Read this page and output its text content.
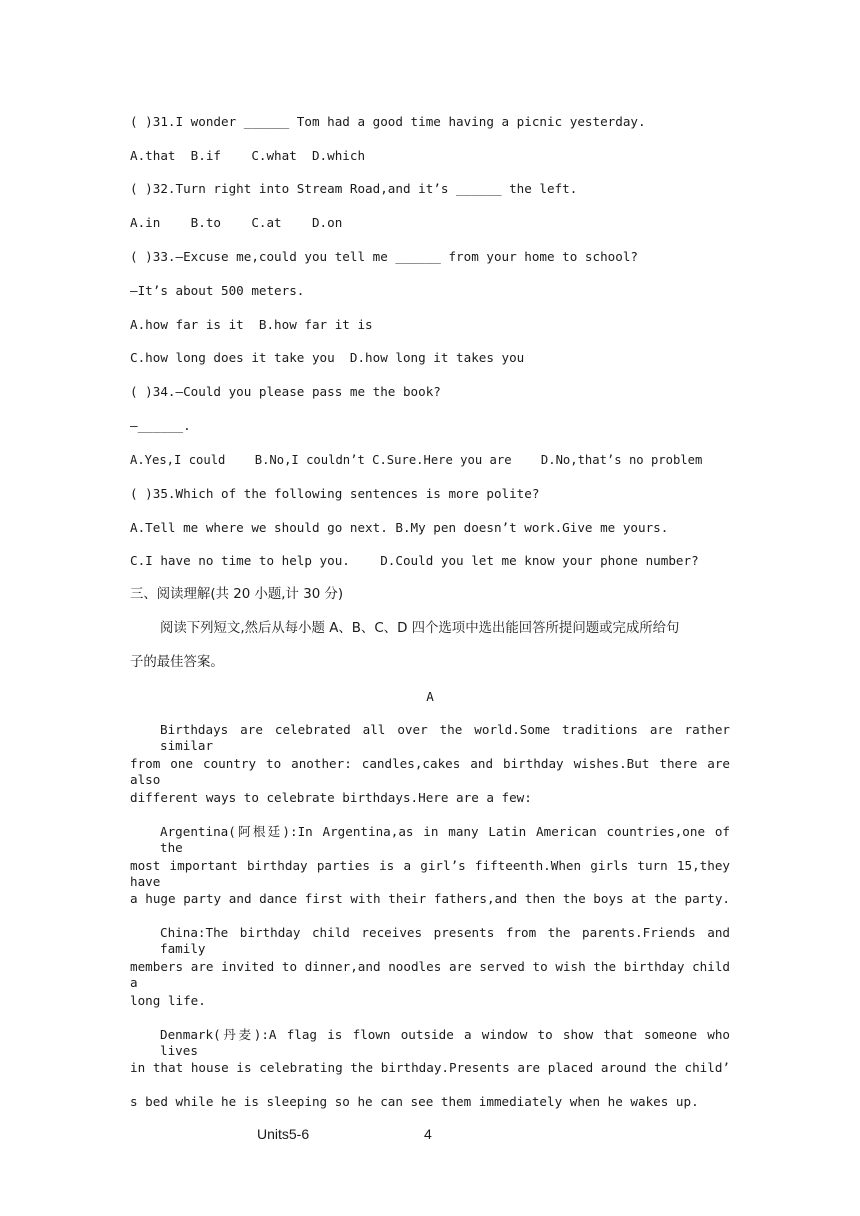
( )31.I wonder ______ Tom had a good time having a picnic yesterday.
A.that  B.if    C.what  D.which
( )32.Turn right into Stream Road,and it’s ______ the left.
A.in    B.to    C.at    D.on
( )33.—Excuse me,could you tell me ______ from your home to school?
—It’s about 500 meters.
A.how far is it  B.how far it is
C.how long does it take you  D.how long it takes you
( )34.—Could you please pass me the book?
—______.
A.Yes,I could    B.No,I couldn’t C.Sure.Here you are    D.No,that’s no problem
( )35.Which of the following sentences is more polite?
A.Tell me where we should go next. B.My pen doesn’t work.Give me yours.
C.I have no time to help you.    D.Could you let me know your phone number?
三、阅读理解(共 20 小题,计 30 分)
阅读下列短文,然后从每小题 A、B、C、D 四个选项中选出能回答所提问题或完成所给句
子的最佳答案。
A
Birthdays are celebrated all over the world.Some traditions are rather similar
from one country to another: candles,cakes and birthday wishes.But there are also
different ways to celebrate birthdays.Here are a few:
Argentina(阿根廷):In Argentina,as in many Latin American countries,one of the
most important birthday parties is a girl’s fifteenth.When girls turn 15,they have
a huge party and dance first with their fathers,and then the boys at the party.
China:The birthday child receives presents from the parents.Friends and family
members are invited to dinner,and noodles are served to wish the birthday child a
long life.
Denmark(丹麦):A flag is flown outside a window to show that someone who lives
in that house is celebrating the birthday.Presents are placed around the child’
s bed while he is sleeping so he can see them immediately when he wakes up.
Units5-6	4
